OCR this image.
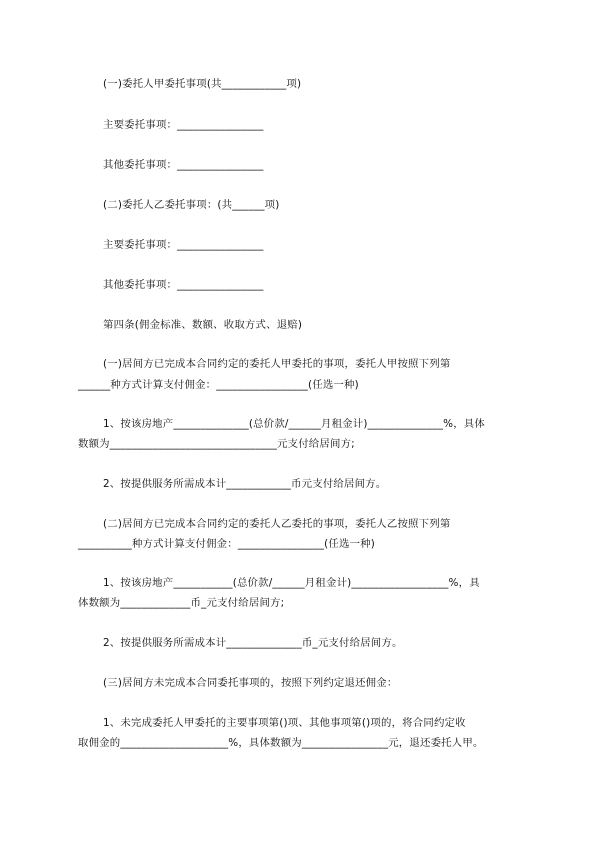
(一)委托人甲委托事项(共____________项)
主要委托事项：________________
其他委托事项：________________
(二)委托人乙委托事项：(共______项)
主要委托事项：________________
其他委托事项：________________
第四条(佣金标准、数额、收取方式、退赔)
(一)居间方已完成本合同约定的委托人甲委托的事项，委托人甲按照下列第
______种方式计算支付佣金：_________________(任选一种)
1、按该房地产______________(总价款/______月租金计)______________%，具体
数额为_______________________________元支付给居间方;
2、按提供服务所需成本计____________币元支付给居间方。
(二)居间方已完成本合同约定的委托人乙委托的事项，委托人乙按照下列第
__________种方式计算支付佣金：________________(任选一种)
1、按该房地产___________(总价款/______月租金计)__________________%，具
体数额为_____________币_元支付给居间方;
2、按提供服务所需成本计______________币_元支付给居间方。
(三)居间方未完成本合同委托事项的，按照下列约定退还佣金：
1、未完成委托人甲委托的主要事项第()项、其他事项第()项的，将合同约定收
取佣金的____________________%，具体数额为________________元，退还委托人甲。
